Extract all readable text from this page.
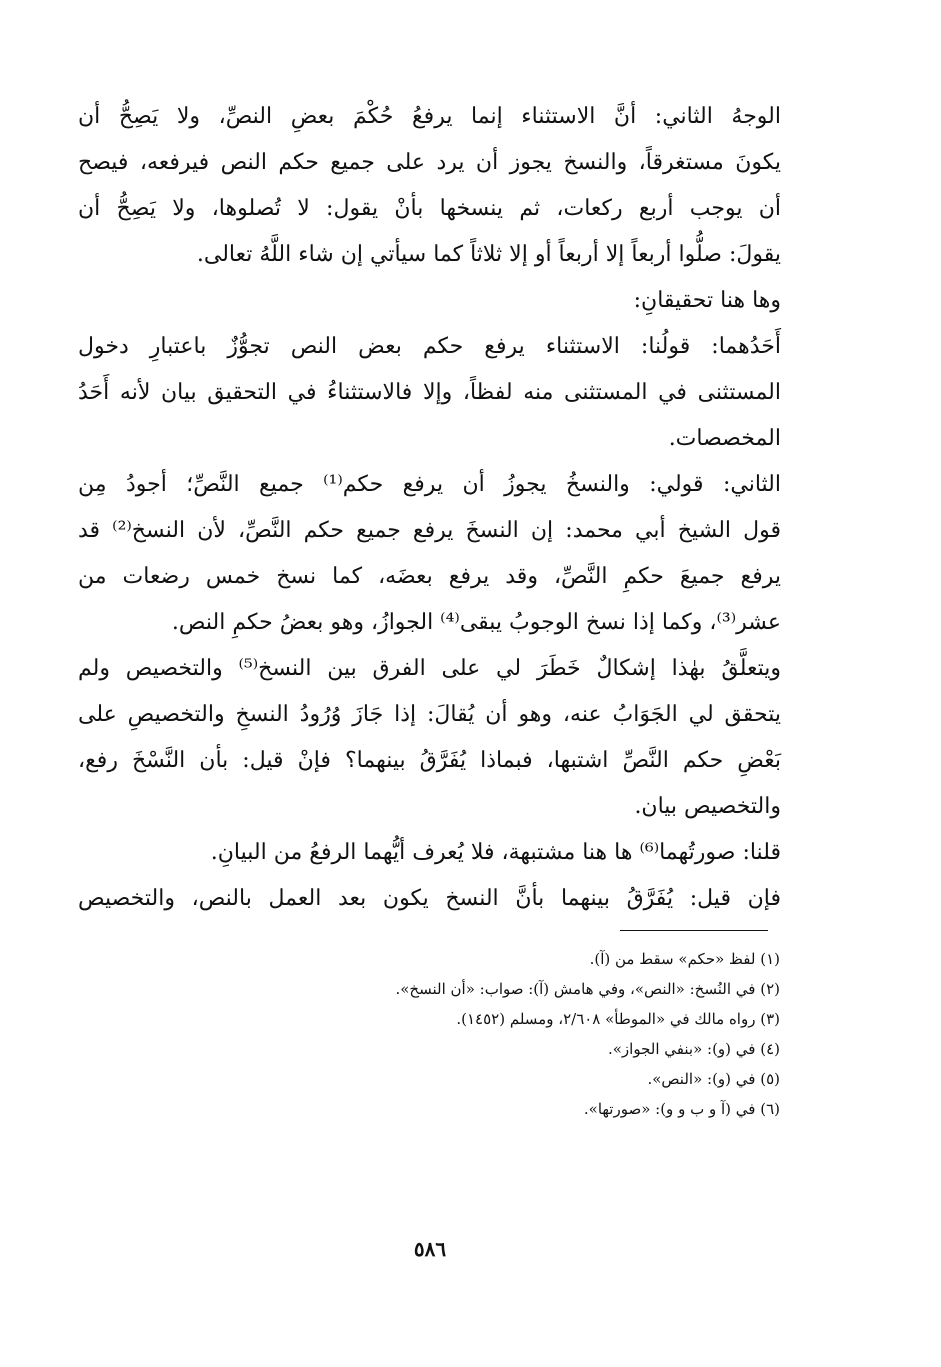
الوجهُ الثاني: أنَّ الاستثناء إنما يرفعُ حُكْمَ بعضِ النصِّ، ولا يَصِحُّ أن
يكونَ مستغرقاً، والنسخ يجوز أن يرد على جميع حكم النص فيرفعه، فيصح
أن يوجب أربع ركعات، ثم ينسخها بأنْ يقول: لا تُصلوها، ولا يَصِحُّ أن
يقولَ: صلُّوا أربعاً إلا أربعاً أو إلا ثلاثاً كما سيأتي إن شاء اللَّهُ تعالى.
وها هنا تحقيقانِ:
أَحَدُهما: قولُنا: الاستثناء يرفع حكم بعض النص تجوُّزٌ باعتبارِ دخول
المستثنى في المستثنى منه لفظاً، وإلا فالاستثناءُ في التحقيق بيان لأنه أَحَدُ
المخصصات.
الثاني: قولي: والنسخُ يجوزُ أن يرفع حكم⁽¹⁾ جميع النَّصِّ؛ أجودُ مِن
قول الشيخ أبي محمد: إن النسخَ يرفع جميع حكم النَّصِّ، لأن النسخ⁽²⁾ قد
يرفع جميعَ حكمِ النَّصِّ، وقد يرفع بعضَه، كما نسخ خمس رضعات من
عشر⁽³⁾، وكما إذا نسخ الوجوبُ يبقى⁽⁴⁾ الجوازُ، وهو بعضُ حكمِ النص.
ويتعلَّقُ بهٰذا إشكالٌ خَطَرَ لي على الفرق بين النسخ⁽⁵⁾ والتخصيص ولم
يتحقق لي الجَوَابُ عنه، وهو أن يُقالَ: إذا جَازَ وُرُودُ النسخِ والتخصيصِ على
بَعْضِ حكم النَّصِّ اشتبها، فبماذا يُفَرَّقُ بينهما؟ فإنْ قيل: بأن النَّسْخَ رفع،
والتخصيص بيان.
قلنا: صورتُهما⁽⁶⁾ ها هنا مشتبهة، فلا يُعرف أيُّهما الرفعُ من البيانِ.
فإن قيل: يُفَرَّقُ بينهما بأنَّ النسخ يكون بعد العمل بالنص، والتخصيص
(١) لفظ «حكم» سقط من (آ).
(٢) في النُسخ: «النص»، وفي هامش (آ): صواب: «أن النسخ».
(٣) رواه مالك في «الموطأ» ٢/٦٠٨، ومسلم (١٤٥٢).
(٤) في (و): «بنفي الجواز».
(٥) في (و): «النص».
(٦) في (آ و ب و و): «صورتها».
٥٨٦
